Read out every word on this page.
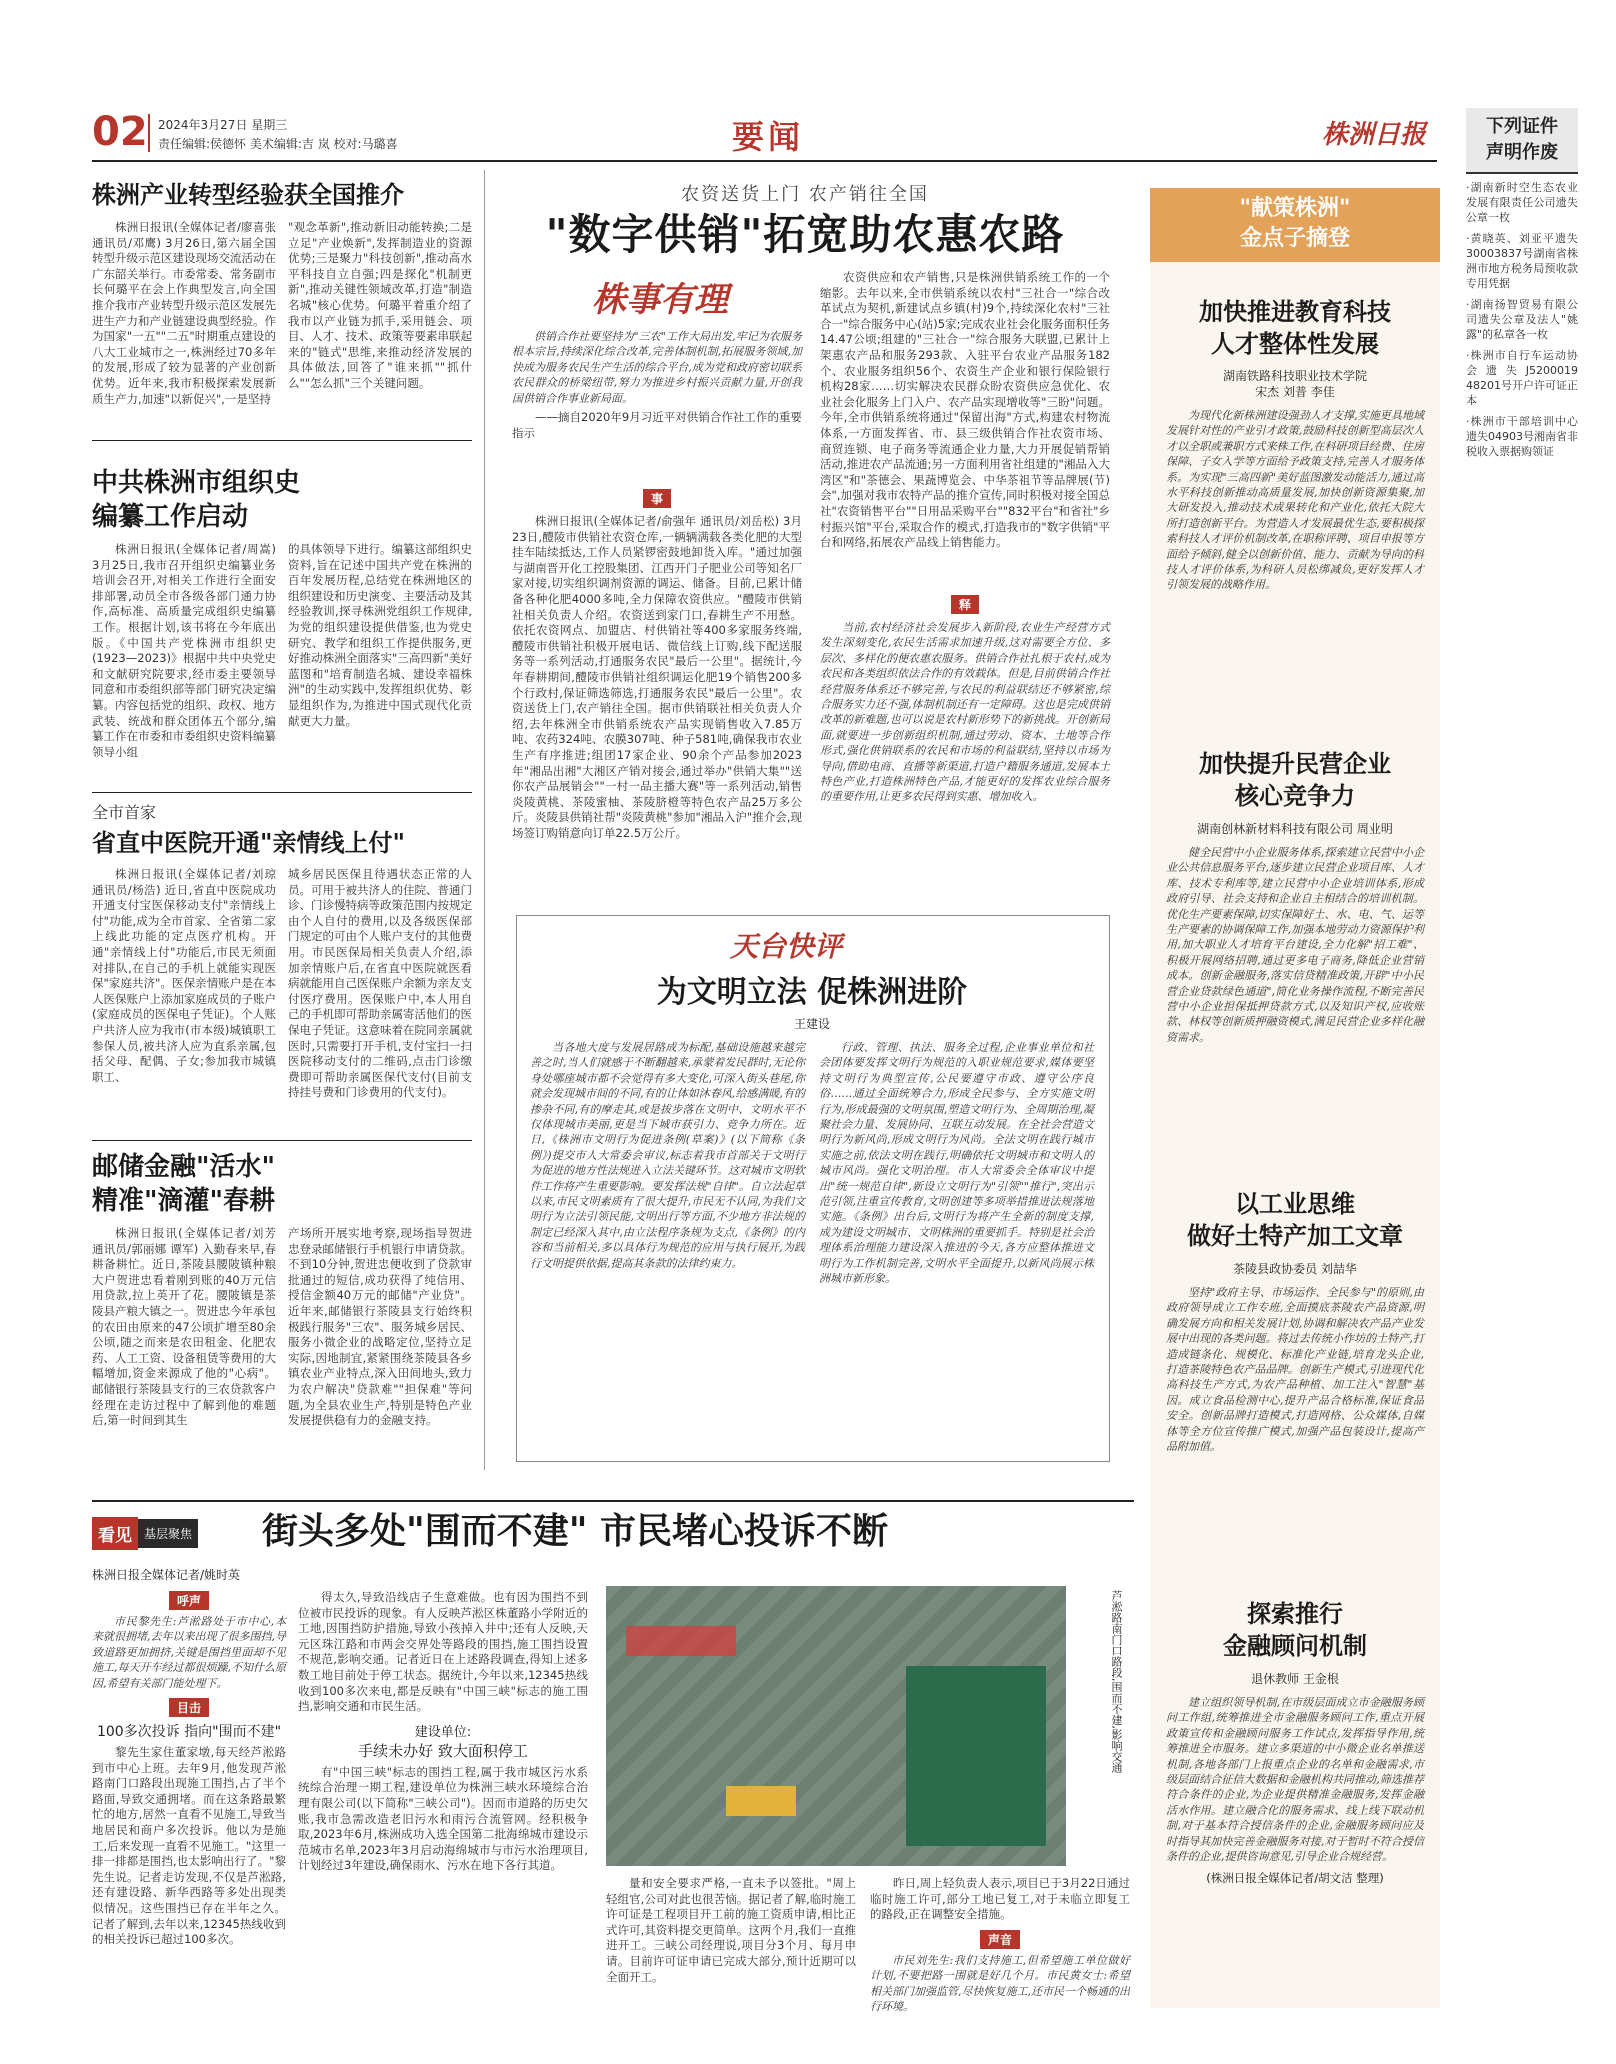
02 2024年3月27日 星期三
责任编辑:侯德怀 美术编辑:吉 岚 校对:马璐喜	要闻	株洲日报	下列证件
声明作废

·湖南新时空生态农业发展有限责任公司遗失公章一枚

·黄晓英、刘亚平遗失30003837号湖南省株洲市地方税务局预收款专用凭据

·湖南扬智贸易有限公司遗失公章及法人"姚露"的私章各一枚

·株洲市自行车运动协会遗失J5200019 48201号开户许可证正本

·株洲市干部培训中心遗失04903号湘南省非税收入票据购领证

株洲产业转型经验获全国推介

株洲日报讯(全媒体记者/廖喜张 通讯员/邓鹰) 3月26日,第六届全国转型升级示范区建设现场交流活动在广东韶关举行。市委常委、常务副市长何璐平在会上作典型发言,向全国推介我市产业转型升级示范区发展先进生产力和产业链建设典型经验。作为国家"一五""二五"时期重点建设的八大工业城市之一,株洲经过70多年的发展,形成了较为显著的产业创新优势。近年来,我市积极探索发展新质生产力,加速"以新促兴",一是坚持

"观念革新",推动新旧动能转换;二是立足"产业焕新",发挥制造业的资源优势;三是聚力"科技创新",推动高水平科技自立自强;四是探化"机制更新",推动关键性领域改革,打造"制造名城"核心优势。何璐平着重介绍了我市以产业链为抓手,采用链会、项目、人才、技术、政策等要素串联起来的"链式"思维,来推动经济发展的具体做法,回答了"谁来抓""抓什么""怎么抓"三个关键问题。

中共株洲市组织史
编纂工作启动

株洲日报讯(全媒体记者/周嵩) 3月25日,我市召开组织史编纂业务培训会召开,对相关工作进行全面安排部署,动员全市各级各部门通力协作,高标准、高质量完成组织史编纂工作。根据计划,该书将在今年底出版。《中国共产党株洲市组织史(1923—2023)》根据中共中央党史和文献研究院要求,经市委主要领导同意和市委组织部等部门研究决定编纂。内容包括党的组织、政权、地方武装、统战和群众团体五个部分,编纂工作在市委和市委组织史资料编纂领导小组

的具体领导下进行。编纂这部组织史资料,旨在记述中国共产党在株洲的百年发展历程,总结党在株洲地区的组织建设和历史演变、主要活动及其经验教训,探寻株洲党组织工作规律,为党的组织建设提供借鉴,也为党史研究、教学和组织工作提供服务,更好推动株洲全面落实"三高四新"美好蓝图和"培育制造名城、建设幸福株洲"的生动实践中,发挥组织优势、彰显组织作为,为推进中国式现代化贡献更大力量。

全市首家
省直中医院开通"亲情线上付"

株洲日报讯(全媒体记者/刘琼 通讯员/杨浩) 近日,省直中医院成功开通支付宝医保移动支付"亲情线上付"功能,成为全市首家、全省第二家上线此功能的定点医疗机构。开通"亲情线上付"功能后,市民无须面对排队,在自己的手机上就能实现医保"家庭共济"。医保亲情账户是在本人医保账户上添加家庭成员的子账户(家庭成员的医保电子凭证)。个人账户共济人应为我市(市本级)城镇职工参保人员,被共济人应为直系亲属,包括父母、配偶、子女;参加我市城镇职工、

城乡居民医保且待遇状态正常的人员。可用于被共济人的住院、普通门诊、门诊慢特病等政策范围内按规定由个人自付的费用,以及各级医保部门规定的可由个人账户支付的其他费用。市民医保局相关负责人介绍,添加亲情账户后,在省直中医院就医看病就能用自己医保账户余额为亲友支付医疗费用。医保账户中,本人用自己的手机即可帮助亲属寄活他们的医保电子凭证。这意味着在院同亲属就医时,只需要打开手机,支付宝扫一扫医院移动支付的二维码,点击门诊缴费即可帮助亲属医保代支付(目前支持挂号费和门诊费用的代支付)。

邮储金融"活水"
精准"滴灌"春耕

株洲日报讯(全媒体记者/刘芳 通讯员/郭丽娜 谭军) 入勤春来早,春耕备耕忙。近日,茶陵县腰陂镇种粮大户贺进忠看着刚到账的40万元信用贷款,拉上英开了花。腰陂镇是茶陵县产粮大镇之一。贺进忠今年承包的农田由原来的47公顷扩增至80余公顷,随之而来是农田租金、化肥农药、人工工资、设备租赁等费用的大幅增加,资金来源成了他的"心病"。邮储银行茶陵县支行的三农贷款客户经理在走访过程中了解到他的难题后,第一时间到其生

产场所开展实地考察,现场指导贺进忠登录邮储银行手机银行申请贷款。不到10分钟,贺进忠便收到了贷款审批通过的短信,成功获得了纯信用、授信金额40万元的邮储"产业贷"。近年来,邮储银行茶陵县支行始终积极践行服务"三农"、服务城乡居民、服务小微企业的战略定位,坚持立足实际,因地制宜,紧紧围绕茶陵县各乡镇农业产业特点,深入田间地头,致力为农户解决"贷款难""担保难"等问题,为全县农业生产,特别是特色产业发展提供稳有力的金融支持。

农资送货上门 农产销往全国
"数字供销"拓宽助农惠农路
株事有理

供销合作社要坚持为"三农"工作大局出发,牢记为农服务根本宗旨,持续深化综合改革,完善体制机制,拓展服务领域,加快成为服务农民生产生活的综合平台,成为党和政府密切联系农民群众的桥梁纽带,努力为推进乡村振兴贡献力量,开创我国供销合作事业新局面。

——摘自2020年9月习近平对供销合作社工作的重要指示

事

株洲日报讯(全媒体记者/俞强年 通讯员/刘岳松) 3月23日,醴陵市供销社农资仓库,一辆辆满载各类化肥的大型挂车陆续抵达,工作人员紧锣密鼓地卸货入库。"通过加强与湖南晋开化工控股集团、江西开门子肥业公司等知名厂家对接,切实组织调剂资源的调运、储备。目前,已累计储备各种化肥4000多吨,全力保障农资供应。"醴陵市供销社相关负责人介绍。农资送到家门口,春耕生产不用愁。依托农资网点、加盟店、村供销社等400多家服务终端,醴陵市供销社积极开展电话、微信线上订购,线下配送服务等一系列活动,打通服务农民"最后一公里"。据统计,今年春耕期间,醴陵市供销社组织调运化肥19个销售200多个行政村,保证筛选筛选,打通服务农民"最后一公里"。农资送货上门,农产销往全国。据市供销联社相关负责人介绍,去年株洲全市供销系统农产品实现销售收入7.85万吨、农药324吨、农膜307吨、种子581吨,确保我市农业生产有序推进;组团17家企业、90余个产品参加2023年"湘品出湘"大湘区产销对接会,通过举办"供销大集""送你农产品展销会""一村一品主播大赛"等一系列活动,销售炎陵黄桃、茶陵蜜柚、茶陵脐橙等特色农产品25万多公斤。炎陵县供销社帮"炎陵黄桃"参加"湘品入沪"推介会,现场签订购销意向订单22.5万公斤。

农资供应和农产销售,只是株洲供销系统工作的一个缩影。去年以来,全市供销系统以农村"三社合一"综合改革试点为契机,新建试点乡镇(村)9个,持续深化农村"三社合一"综合服务中心(站)5家;完成农业社会化服务面积任务14.47公顷;组建的"三社合一"综合服务大联盟,已累计上架惠农产品和服务293款、入驻平台农业产品服务182个、农业服务组织56个、农资生产企业和银行保险银行机构28家……切实解决农民群众盼农资供应急优化、农业社会化服务上门入户、农产品实现增收等"三盼"问题。今年,全市供销系统将通过"保留出海"方式,构建农村物流体系,一方面发挥省、市、县三级供销合作社农资市场、商贸连锁、电子商务等流通企业力量,大力开展促销帮销活动,推进农产品流通;另一方面利用省社组建的"湘品入大湾区"和"茶德会、果蔬博览会、中华茶祖节等品牌展(节)会",加强对我市农特产品的推介宣传,同时积极对接全国总社"农资销售平台""日用品采购平台""832平台"和省社"乡村振兴馆"平台,采取合作的模式,打造我市的"数字供销"平台和网络,拓展农产品线上销售能力。

释

当前,农村经济社会发展步入新阶段,农业生产经营方式发生深刻变化,农民生活需求加速升级,这对需要全方位、多层次、多样化的便农惠农服务。供销合作社扎根于农村,成为农民和各类组织依法合作的有效载体。但是,目前供销合作社经营服务体系还不够完善,与农民的利益联结还不够紧密,综合服务实力还不强,体制机制还有一定障碍。这也是完成供销改革的新难题,也可以说是农村新形势下的新挑战。开创新局面,就要进一步创新组织机制,通过劳动、资本、土地等合作形式,强化供销联系的农民和市场的利益联结,坚持以市场为导向,借助电商、直播等新渠道,打造户籍服务通道,发展本土特色产业,打造株洲特色产品,才能更好的发挥农业综合服务的重要作用,让更多农民得到实惠、增加收入。

天台快评
为文明立法 促株洲进阶
王建设

当各地大度与发展居路成为标配,基础设施越来越完善之时,当人们就感于不断翻越来,承蒙着发民群时,无论你身处哪座城市都不会觉得有多大变化,可深入街头巷尾,你就会发现城市间的不同,有的让体如沐春风,给感满暖,有的掺杂不同,有的摩走其,或是拔步落在文明中、文明水平不仅体现城市美丽,更是当下城市获引力、竞争力所在。近日,《株洲市文明行为促进条例(草案)》(以下简称《条例》)提交市人大常委会审议,标志着我市首部关于文明行为促进的地方性法规进入立法关键环节。这对城市文明软件工作将产生重要影响。要发挥法规"自律"。自立法起草以来,市民文明素质有了很大提升,市民无不认同,为我们文明行为立法引领民能,文明出行等方面,不少地方非法规的制定已经深入其中,由立法程序条规为支点,《条例》的内容和当前相关,多以具体行为规范的应用与执行展开,为践行文明提供依据,提高其条款的法律约束力。

行政、管理、执法、服务全过程,企业事业单位和社会团体要发挥文明行为规范的入职业规范要求,媒体要坚持文明行为典型宣传,公民要遵守市政、遵守公序良俗……通过全面统筹合力,形成全民参与、全方实施文明行为,形成最强的文明氛围,塑造文明行为、全周期治理,凝聚社会力量、发展协同、互联互动发展。在全社会营造文明行为新风尚,形成文明行为风尚。全法文明在践行城市实施之前,依法文明在践行,明确依托文明城市和文明人的城市风尚。强化文明治理。市人大常委会全体审议中提出"统一规范自律",新设立文明行为"引领""推行",突出示范引领,注重宣传教育,文明创建等多项举措推进法规落地实施。《条例》出台后,文明行为将产生全新的制度支撑,成为建设文明城市、文明株洲的重要抓手。特别是社会治理体系治理能力建设深入推进的今天,各方应整体推进文明行为工作机制完善,文明水平全面提升,以新风尚展示株洲城市新形象。

"献策株洲"
金点子摘登
加快推进教育科技
人才整体性发展
湖南铁路科技职业技术学院
宋杰 刘普 李佳

为现代化新株洲建设强劲人才支撑,实施更具地域发展针对性的产业引才政策,鼓励科技创新型高层次人才以全职或兼职方式来株工作,在科研项目经费、住房保障、子女入学等方面给予政策支持,完善人才服务体系。为实现"三高四新"美好蓝图激发动能活力,通过高水平科技创新推动高质量发展,加快创新资源集聚,加大研发投入,推动技术成果转化和产业化,依托大院大所打造创新平台。为营造人才发展最优生态,要积极探索科技人才评价机制改革,在职称评聘、项目申报等方面给予倾斜,健全以创新价值、能力、贡献为导向的科技人才评价体系,为科研人员松绑减负,更好发挥人才引领发展的战略作用。

加快提升民营企业
核心竞争力
湖南创林新材料科技有限公司 周业明

健全民营中小企业服务体系,探索建立民营中小企业公共信息服务平台,逐步建立民营企业项目库、人才库、技术专利库等,建立民营中小企业培训体系,形成政府引导、社会支持和企业自主相结合的培训机制。优化生产要素保障,切实保障好土、水、电、气、运等生产要素的协调保障工作,加强本地劳动力资源保护利用,加大职业人才培育平台建设,全力化解"招工难"、积极开展网络招聘,通过更多电子商务,降低企业营销成本。创新金融服务,落实信贷精准政策,开辟"中小民营企业贷款绿色通道",简化业务操作流程,不断完善民营中小企业担保抵押贷款方式,以及知识产权,应收账款、林权等创新质押融资模式,满足民营企业多样化融资需求。

以工业思维
做好土特产加工文章
茶陵县政协委员 刘喆华

坚持"政府主导、市场运作、全民参与"的原则,由政府领导成立工作专班,全面摸底茶陵农产品资源,明确发展方向和相关发展计划,协调和解决农产品产业发展中出现的各类问题。将过去传统小作坊的土特产,打造成链条化、规模化、标准化产业链,培育龙头企业,打造茶陵特色农产品品牌。创新生产模式,引进现代化高科技生产方式,为农产品种植、加工注入"智慧"基因。成立食品检测中心,提升产品合格标准,保证食品安全。创新品牌打造模式,打造网格、公众媒体,自媒体等全方位宣传推广模式,加强产品包装设计,提高产品附加值。

探索推行
金融顾问机制
退休教师 王金根

建立组织领导机制,在市级层面成立市金融服务顾问工作组,统筹推进全市金融服务顾问工作,重点开展政策宣传和金融顾问服务工作试点,发挥指导作用,统筹推进全市服务。建立多渠道的中小微企业名单推送机制,各地各部门上报重点企业的名单和金融需求,市级层面结合征信大数据和金融机构共同推动,筛选推荐符合条件的企业,为企业提供精准金融服务,发挥金融活水作用。建立融合化的服务需求、线上线下联动机制,对于基本符合授信条件的企业,金融服务顾问应及时指导其加快完善金融服务对接,对于暂时不符合授信条件的企业,提供咨询意见,引导企业合规经营。

(株洲日报全媒体记者/胡文洁 整理)
看见	基层聚焦 街头多处"围而不建" 市民堵心投诉不断
株洲日报全媒体记者/姚时英
呼声

市民黎先生:芦淞路处于市中心,本来就很拥堵,去年以来出现了很多围挡,导致道路更加拥挤,关键是围挡里面却不见施工,每天开车经过都很烦躁,不知什么原因,希望有关部门能处理下。

目击
100多次投诉 指向"围而不建"

黎先生家住董家墩,每天经芦淞路到市中心上班。去年9月,他发现芦淞路南门口路段出现施工围挡,占了半个路面,导致交通拥堵。而在这条路最繁忙的地方,居然一直看不见施工,导致当地居民和商户多次投诉。他以为是施工,后来发现一直看不见施工。"这里一排一排都是围挡,也太影响出行了。"黎先生说。记者走访发现,不仅是芦淞路,还有建设路、新华西路等多处出现类似情况。这些围挡已存在半年之久。记者了解到,去年以来,12345热线收到的相关投诉已超过100多次。

得太久,导致沿线店子生意难做。也有因为围挡不到位被市民投诉的现象。有人反映芦淞区株董路小学附近的工地,因围挡防护措施,导致小孩掉入井中;还有人反映,天元区珠江路和市两会交界处等路段的围挡,施工围挡设置不规范,影响交通。记者近日在上述路段调查,得知上述多数工地目前处于停工状态。据统计,今年以来,12345热线收到100多次来电,都是反映有"中国三峡"标志的施工围挡,影响交通和市民生活。

建设单位:
手续未办好 致大面积停工

有"中国三峡"标志的围挡工程,属于我市城区污水系统综合治理一期工程,建设单位为株洲三峡水环境综合治理有限公司(以下简称"三峡公司")。因而市道路的历史欠账,我市急需改造老旧污水和雨污合流管网。经积极争取,2023年6月,株洲成功入选全国第二批海绵城市建设示范城市名单,2023年3月启动海绵城市与市污水治理项目,计划经过3年建设,确保雨水、污水在地下各行其道。

芦淞路南门口路段,围而不建,影响交通

量和安全要求严格,一直未予以签批。"周上轻组官,公司对此也很苦恼。据记者了解,临时施工许可证是工程项目开工前的施工资质申请,相比正式许可,其资料提交更简单。这两个月,我们一直推进开工。三峡公司经理说,项目分3个月、每月申请。目前许可证申请已完成大部分,预计近期可以全面开工。

昨日,周上轻负责人表示,项目已于3月22日通过临时施工许可,部分工地已复工,对于未临立即复工的路段,正在调整安全措施。

声音

市民刘先生:我们支持施工,但希望施工单位做好计划,不要把路一围就是好几个月。市民黄女士:希望相关部门加强监管,尽快恢复施工,还市民一个畅通的出行环境。
